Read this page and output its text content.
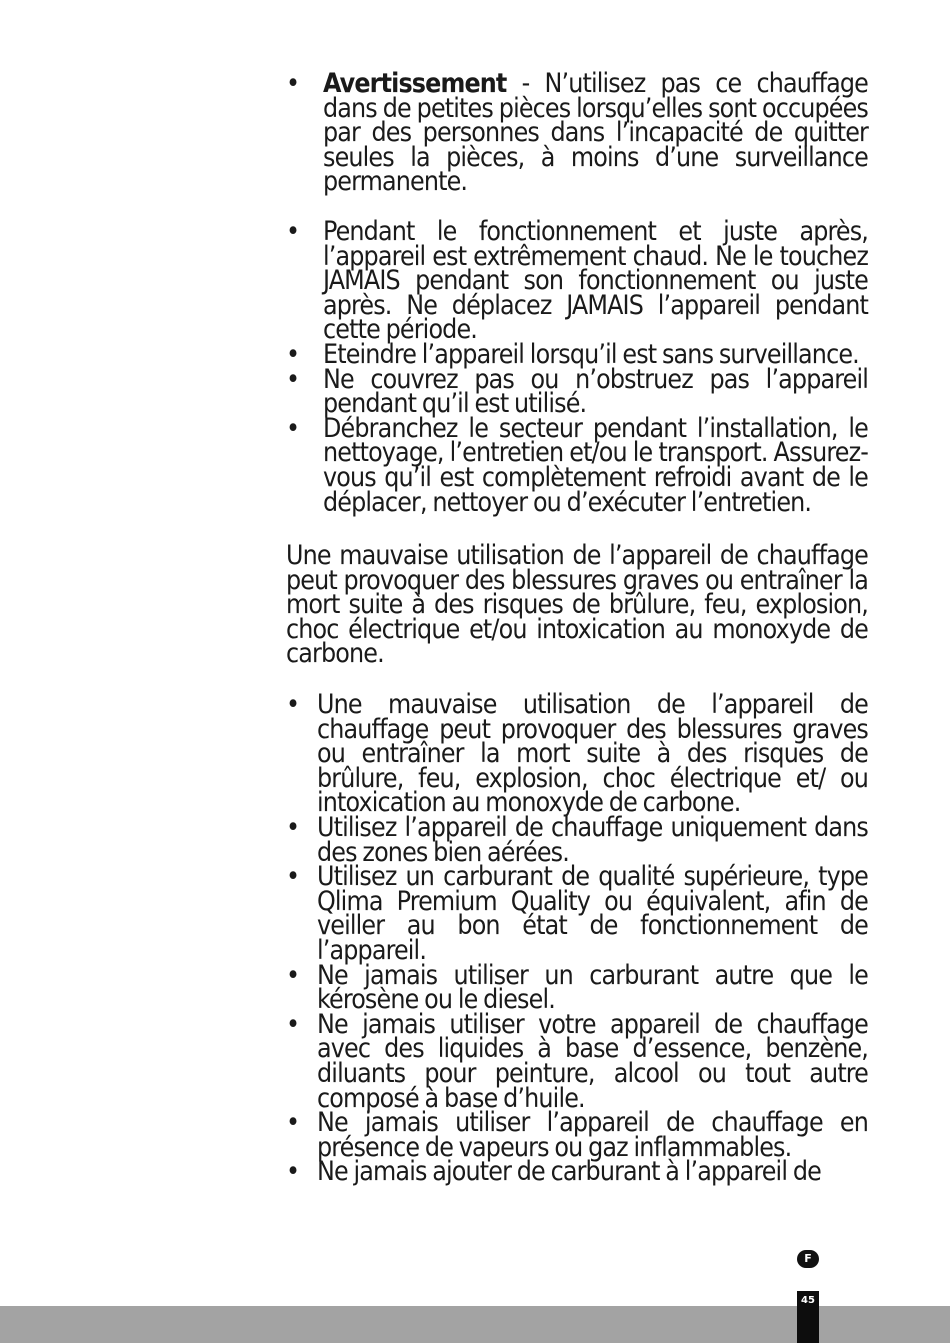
• Avertissement - N’utilisez pas ce chauffage dans de petites pièces lorsqu’elles sont occupées par des personnes dans l’incapacité de quitter seules la pièces, à moins d’une surveillance permanente.
• Pendant le fonctionnement et juste après, l’appareil est extrêmement chaud. Ne le touchez JAMAIS pendant son fonctionnement ou juste après. Ne déplacez JAMAIS l’appareil pendant cette période.
• Eteindre l’appareil lorsqu’il est sans surveillance.
• Ne couvrez pas ou n’obstruez pas l’appareil pendant qu’il est utilisé.
• Débranchez le secteur pendant l’installation, le nettoyage, l’entretien et/ou le transport. Assurez-vous qu’il est complètement refroidi avant de le déplacer, nettoyer ou d’exécuter l’entretien.

Une mauvaise utilisation de l’appareil de chauffage peut provoquer des blessures graves ou entraîner la mort suite à des risques de brûlure, feu, explosion, choc électrique et/ou intoxication au monoxyde de carbone.

• Une mauvaise utilisation de l’appareil de chauffage peut provoquer des blessures graves ou entraîner la mort suite à des risques de brûlure, feu, explosion, choc électrique et/ ou intoxication au monoxyde de carbone.
• Utilisez l’appareil de chauffage uniquement dans des zones bien aérées.
• Utilisez un carburant de qualité supérieure, type Qlima Premium Quality ou équivalent, afin de veiller au bon état de fonctionnement de l’appareil.
• Ne jamais utiliser un carburant autre que le kérosène ou le diesel.
• Ne jamais utiliser votre appareil de chauffage avec des liquides à base d’essence, benzène, diluants pour peinture, alcool ou tout autre composé à base d’huile.
• Ne jamais utiliser l’appareil de chauffage en présence de vapeurs ou gaz inflammables.
• Ne jamais ajouter de carburant à l’appareil de
F
45
